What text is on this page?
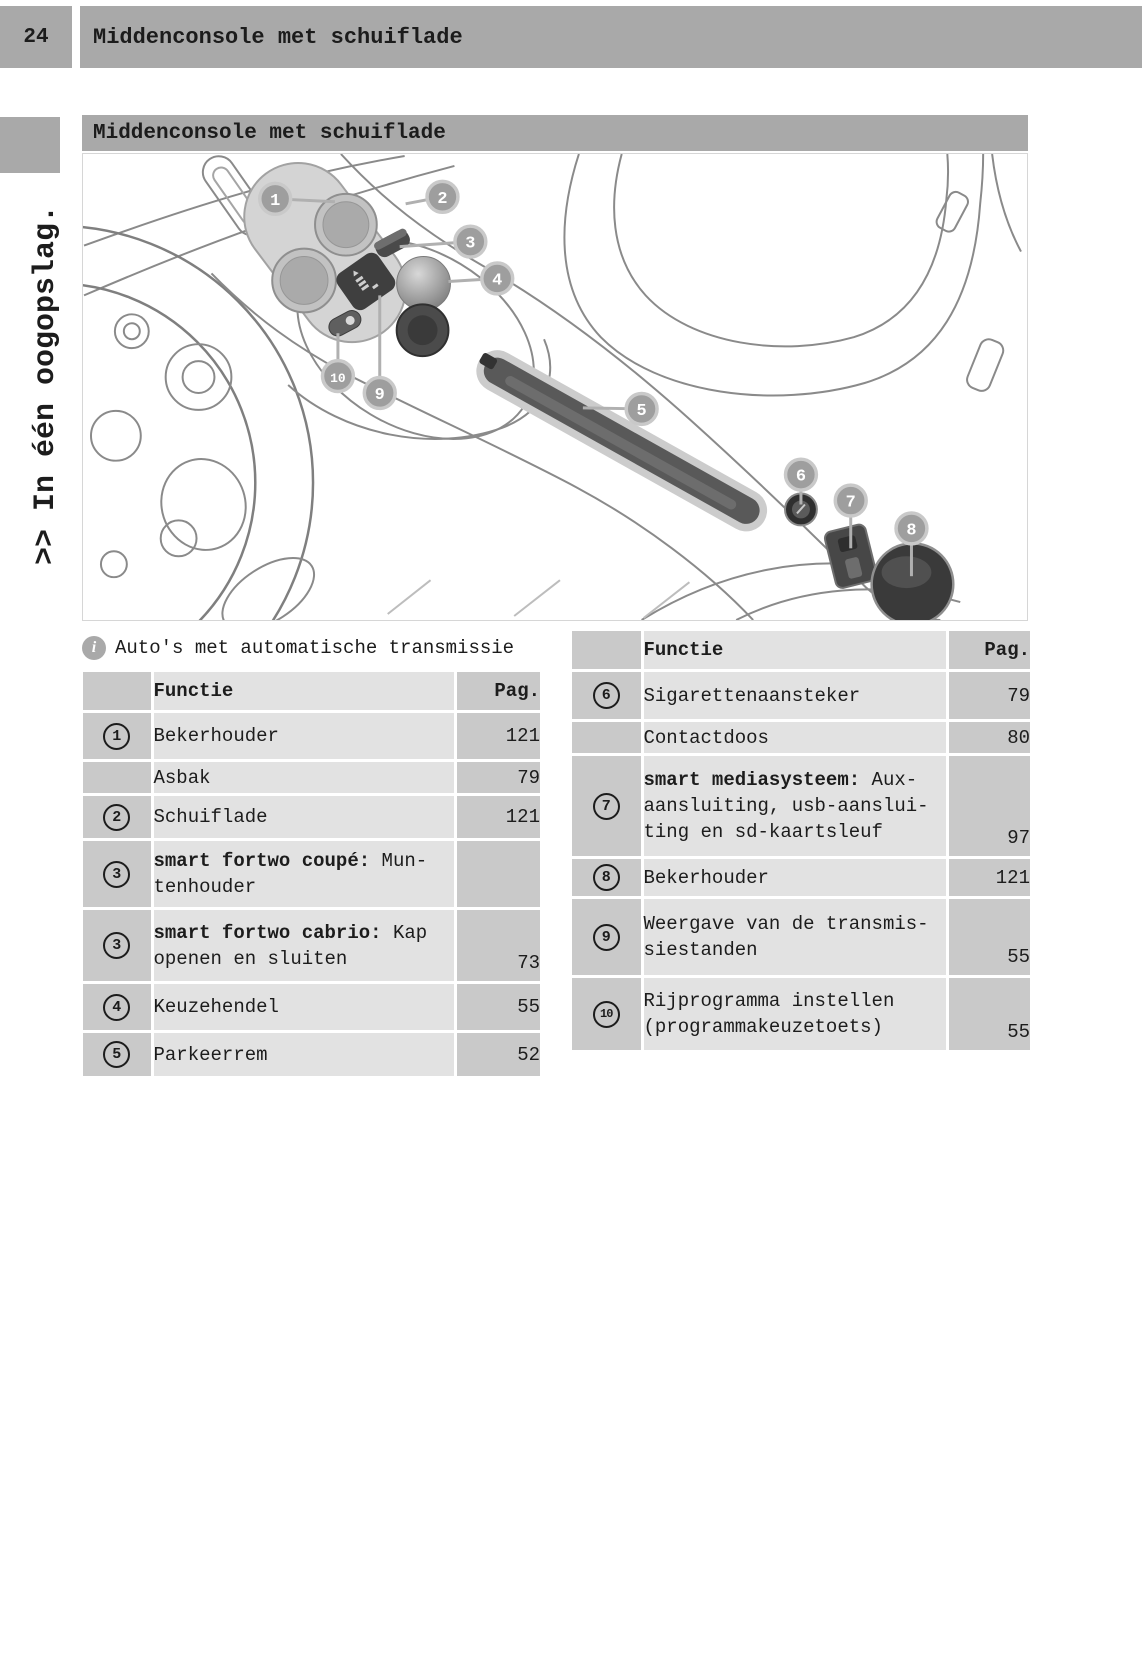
24	Middenconsole met schuiflade
>> In één oogopslag.
Middenconsole met schuiflade
1	2
3
4
5
6
7
8
9
10
i Auto's met automatische transmissie
	Functie	Pag.
1	Bekerhouder	121

	Asbak	79
2	Schuiflade	121
3	smart fortwo coupé: Mun-
tenhouder	

3	smart fortwo cabrio: Kap
openen en sluiten	73
4	Keuzehendel	55
5	Parkeerrem	52
	Functie	Pag.
6	Sigarettenaansteker	79

	Contactdoos	80
7	smart mediasysteem: Aux-
aansluiting, usb-aanslui-
ting en sd-kaartsleuf	97
8	Bekerhouder	121
9	Weergave van de transmis-
siestanden	55
10	Rijprogramma instellen
(programmakeuzetoets)	55
